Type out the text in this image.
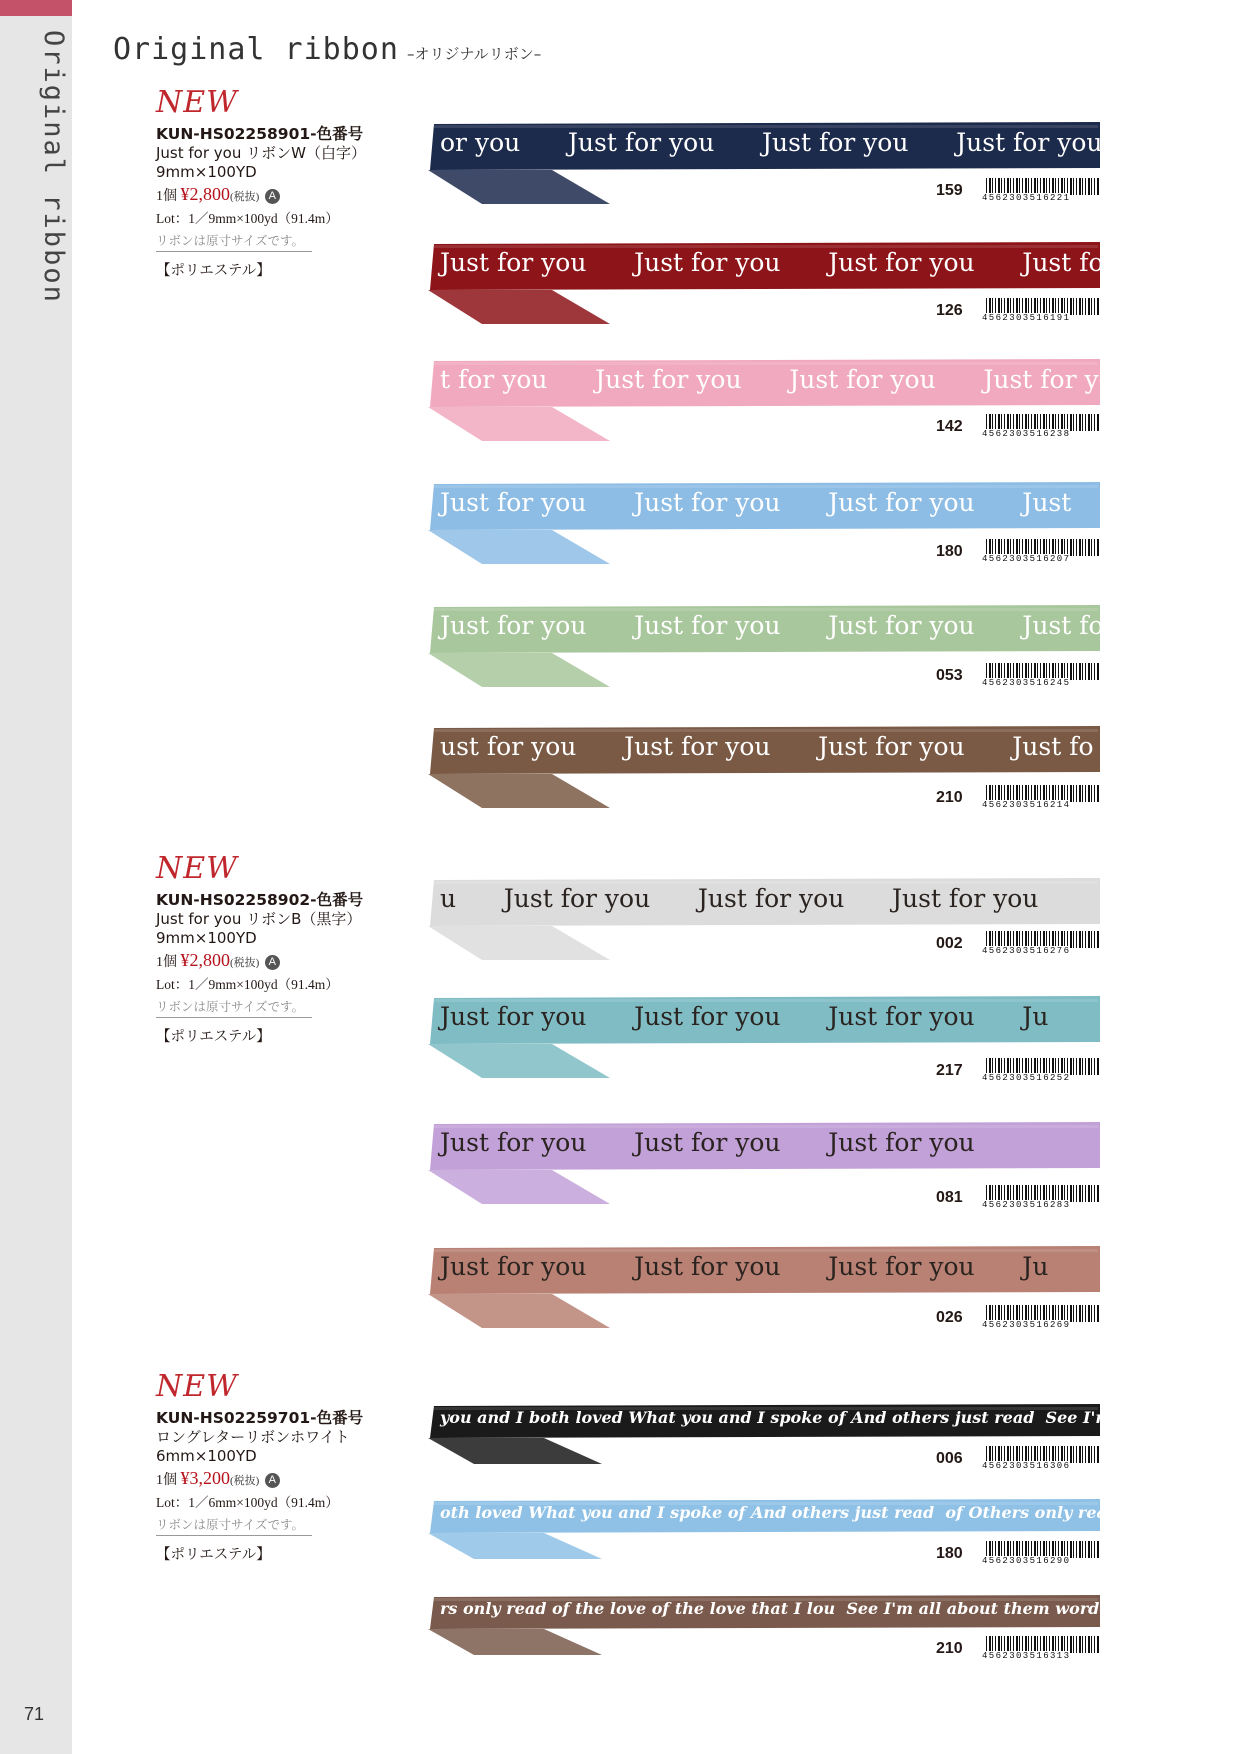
Original ribbon
71
Original ribbon –オリジナルリボン–
NEW
KUN-HS02258901-色番号
Just for you リボンW（白字）
9mm×100YD
1個 ¥2,800(税抜) A
Lot：1／9mm×100yd（91.4m）
リボンは原寸サイズです。
【ポリエステル】
NEW
KUN-HS02258902-色番号
Just for you リボンB（黒字）
9mm×100YD
1個 ¥2,800(税抜) A
Lot：1／9mm×100yd（91.4m）
リボンは原寸サイズです。
【ポリエステル】
NEW
KUN-HS02259701-色番号
ロングレターリボンホワイト
6mm×100YD
1個 ¥3,200(税抜) A
Lot：1／6mm×100yd（91.4m）
リボンは原寸サイズです。
【ポリエステル】
or you      Just for you      Just for you      Just for you
159 4562303516221
Just for you      Just for you      Just for you      Just fo
126 4562303516191
t for you      Just for you      Just for you      Just for yo
142 4562303516238
Just for you      Just for you      Just for you      Just
180 4562303516207
Just for you      Just for you      Just for you      Just for
053 4562303516245
ust for you      Just for you      Just for you      Just fo
210 4562303516214
u      Just for you      Just for you      Just for you
002 4562303516276
Just for you      Just for you      Just for you      Ju
217 4562303516252
Just for you      Just for you      Just for you
081 4562303516283
Just for you      Just for you      Just for you      Ju
026 4562303516269
you and I both loved What you and I spoke of And others just read  See I'm all
006 4562303516306
oth loved What you and I spoke of And others just read  of Others only read of the
180 4562303516290
rs only read of the love of the love that I lou  See I'm all about them worde  Caus
210 4562303516313
